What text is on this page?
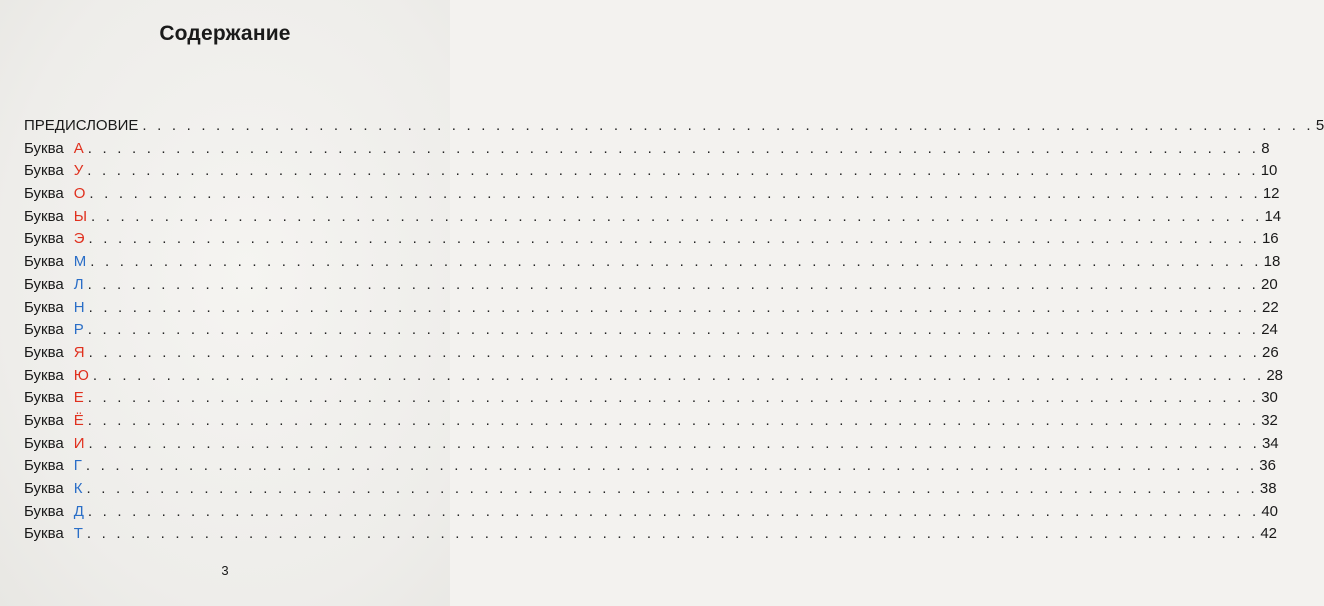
Содержание
ПРЕДИСЛОВИЕ . . . . . . . . . . . . . . . . . . . . . . . . . . . . . . . . . . . . . . . . . . . . . . . . . . . . . . . . . . . . . . . . . . . . . . . . . . . . . . . . 5
Буква А . . . . . . . . . . . . . . . . . . . . . . . . . . . . . . . . . . . . . . . . . . . . . . . . . . . . . . . . . . . . . . . . . . . . . . . . . . . . . . . . 8
Буква У . . . . . . . . . . . . . . . . . . . . . . . . . . . . . . . . . . . . . . . . . . . . . . . . . . . . . . . . . . . . . . . . . . . . . . . . . . . . . . . . 10
Буква О . . . . . . . . . . . . . . . . . . . . . . . . . . . . . . . . . . . . . . . . . . . . . . . . . . . . . . . . . . . . . . . . . . . . . . . . . . . . . . . . 12
Буква Ы . . . . . . . . . . . . . . . . . . . . . . . . . . . . . . . . . . . . . . . . . . . . . . . . . . . . . . . . . . . . . . . . . . . . . . . . . . . . . . . . 14
Буква Э . . . . . . . . . . . . . . . . . . . . . . . . . . . . . . . . . . . . . . . . . . . . . . . . . . . . . . . . . . . . . . . . . . . . . . . . . . . . . . . . 16
Буква М . . . . . . . . . . . . . . . . . . . . . . . . . . . . . . . . . . . . . . . . . . . . . . . . . . . . . . . . . . . . . . . . . . . . . . . . . . . . . . . . 18
Буква Л . . . . . . . . . . . . . . . . . . . . . . . . . . . . . . . . . . . . . . . . . . . . . . . . . . . . . . . . . . . . . . . . . . . . . . . . . . . . . . . . 20
Буква Н . . . . . . . . . . . . . . . . . . . . . . . . . . . . . . . . . . . . . . . . . . . . . . . . . . . . . . . . . . . . . . . . . . . . . . . . . . . . . . . . 22
Буква Р . . . . . . . . . . . . . . . . . . . . . . . . . . . . . . . . . . . . . . . . . . . . . . . . . . . . . . . . . . . . . . . . . . . . . . . . . . . . . . . . 24
Буква Я . . . . . . . . . . . . . . . . . . . . . . . . . . . . . . . . . . . . . . . . . . . . . . . . . . . . . . . . . . . . . . . . . . . . . . . . . . . . . . . . 26
Буква Ю . . . . . . . . . . . . . . . . . . . . . . . . . . . . . . . . . . . . . . . . . . . . . . . . . . . . . . . . . . . . . . . . . . . . . . . . . . . . . . . . 28
Буква Е . . . . . . . . . . . . . . . . . . . . . . . . . . . . . . . . . . . . . . . . . . . . . . . . . . . . . . . . . . . . . . . . . . . . . . . . . . . . . . . . 30
Буква Ё . . . . . . . . . . . . . . . . . . . . . . . . . . . . . . . . . . . . . . . . . . . . . . . . . . . . . . . . . . . . . . . . . . . . . . . . . . . . . . . . 32
Буква И . . . . . . . . . . . . . . . . . . . . . . . . . . . . . . . . . . . . . . . . . . . . . . . . . . . . . . . . . . . . . . . . . . . . . . . . . . . . . . . . 34
Буква Г . . . . . . . . . . . . . . . . . . . . . . . . . . . . . . . . . . . . . . . . . . . . . . . . . . . . . . . . . . . . . . . . . . . . . . . . . . . . . . . . 36
Буква К . . . . . . . . . . . . . . . . . . . . . . . . . . . . . . . . . . . . . . . . . . . . . . . . . . . . . . . . . . . . . . . . . . . . . . . . . . . . . . . . 38
Буква Д . . . . . . . . . . . . . . . . . . . . . . . . . . . . . . . . . . . . . . . . . . . . . . . . . . . . . . . . . . . . . . . . . . . . . . . . . . . . . . . . 40
Буква Т . . . . . . . . . . . . . . . . . . . . . . . . . . . . . . . . . . . . . . . . . . . . . . . . . . . . . . . . . . . . . . . . . . . . . . . . . . . . . . . . 42
3
